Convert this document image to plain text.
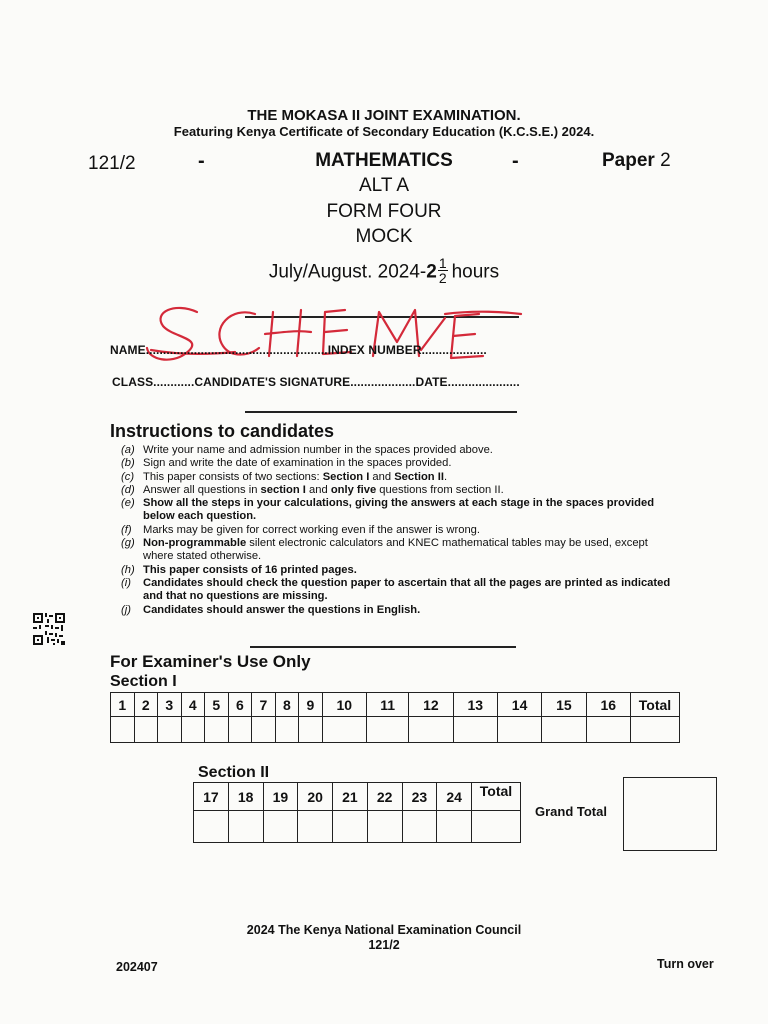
THE MOKASA II JOINT EXAMINATION.
Featuring Kenya Certificate of Secondary Education (K.C.S.E.) 2024.
121/2	-	MATHEMATICS	-	Paper 2
ALT A
FORM FOUR
MOCK
July/August. $2024-2 \frac{1}{2}$ hours
NAME.....................................................INDEX NUMBER...................
CLASS............CANDIDATE'S SIGNATURE...................DATE.....................
Instructions to candidates
(a) Write your name and admission number in the spaces provided above.
(b) Sign and write the date of examination in the spaces provided.
(c) This paper consists of two sections: Section I and Section II.
(d) Answer all questions in section I and only five questions from section II.
(e) Show all the steps in your calculations, giving the answers at each stage in the spaces provided below each question.
(f) Marks may be given for correct working even if the answer is wrong.
(g) Non-programmable silent electronic calculators and KNEC mathematical tables may be used, except where stated otherwise.
(h) This paper consists of 16 printed pages.
(i) Candidates should check the question paper to ascertain that all the pages are printed as indicated and that no questions are missing.
(j) Candidates should answer the questions in English.
For Examiner's Use Only
Section I
1	2	3	4	5	6	7	8	9	10	11	12	13	14	15	16	Total

Section II
17	18	19	20	21	22	23	24	Total

Grand Total
2024 The Kenya National Examination Council
121/2
202407	Turn over
